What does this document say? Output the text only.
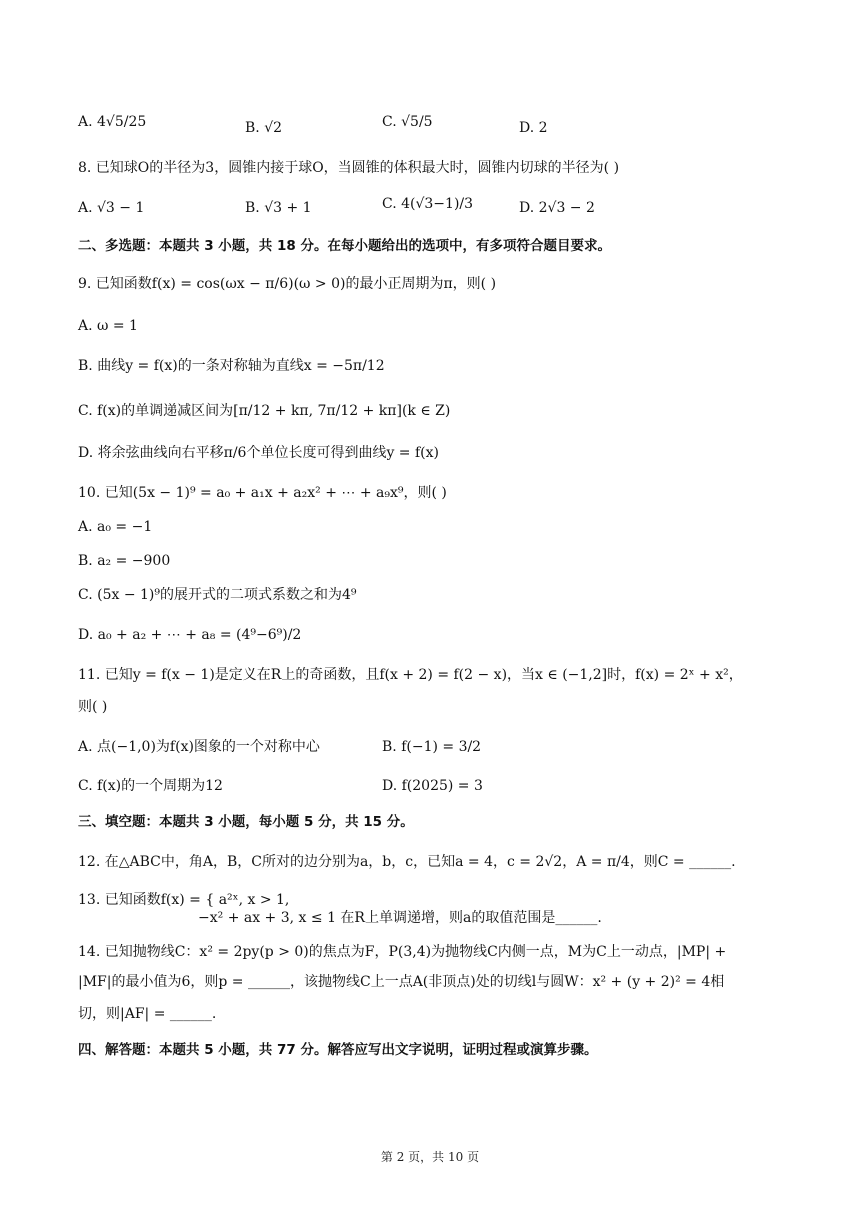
A. 4√5/25	B. √2	C. √5/5	D. 2
8. 已知球O的半径为3，圆锥内接于球O，当圆锥的体积最大时，圆锥内切球的半径为( )
A. √3 − 1	B. √3 + 1	C. 4(√3−1)/3	D. 2√3 − 2
二、多选题：本题共 3 小题，共 18 分。在每小题给出的选项中，有多项符合题目要求。
9. 已知函数f(x) = cos(ωx − π/6)(ω > 0)的最小正周期为π，则( )
A. ω = 1
B. 曲线y = f(x)的一条对称轴为直线x = −5π/12
C. f(x)的单调递减区间为[π/12 + kπ, 7π/12 + kπ](k ∈ Z)
D. 将余弦曲线向右平移π/6个单位长度可得到曲线y = f(x)
10. 已知(5x − 1)⁹ = a₀ + a₁x + a₂x² + ⋯ + a₉x⁹，则( )
A. a₀ = −1
B. a₂ = −900
C. (5x − 1)⁹的展开式的二项式系数之和为4⁹
D. a₀ + a₂ + ⋯ + a₈ = (4⁹−6⁹)/2
11. 已知y = f(x − 1)是定义在R上的奇函数，且f(x + 2) = f(2 − x)，当x ∈ (−1,2]时，f(x) = 2ˣ + x²，
则( )
A. 点(−1,0)为f(x)图象的一个对称中心	B. f(−1) = 3/2
C. f(x)的一个周期为12	D. f(2025) = 3
三、填空题：本题共 3 小题，每小题 5 分，共 15 分。
12. 在△ABC中，角A，B，C所对的边分别为a，b，c，已知a = 4，c = 2√2，A = π/4，则C = ______.
13. 已知函数f(x) = { a²ˣ, x > 1,
−x² + ax + 3, x ≤ 1 在R上单调递增，则a的取值范围是______.
14. 已知抛物线C：x² = 2py(p > 0)的焦点为F，P(3,4)为抛物线C内侧一点，M为C上一动点，|MP| +
|MF|的最小值为6，则p = ______，该抛物线C上一点A(非顶点)处的切线l与圆W：x² + (y + 2)² = 4相
切，则|AF| = ______.
四、解答题：本题共 5 小题，共 77 分。解答应写出文字说明，证明过程或演算步骤。
第 2 页，共 10 页
